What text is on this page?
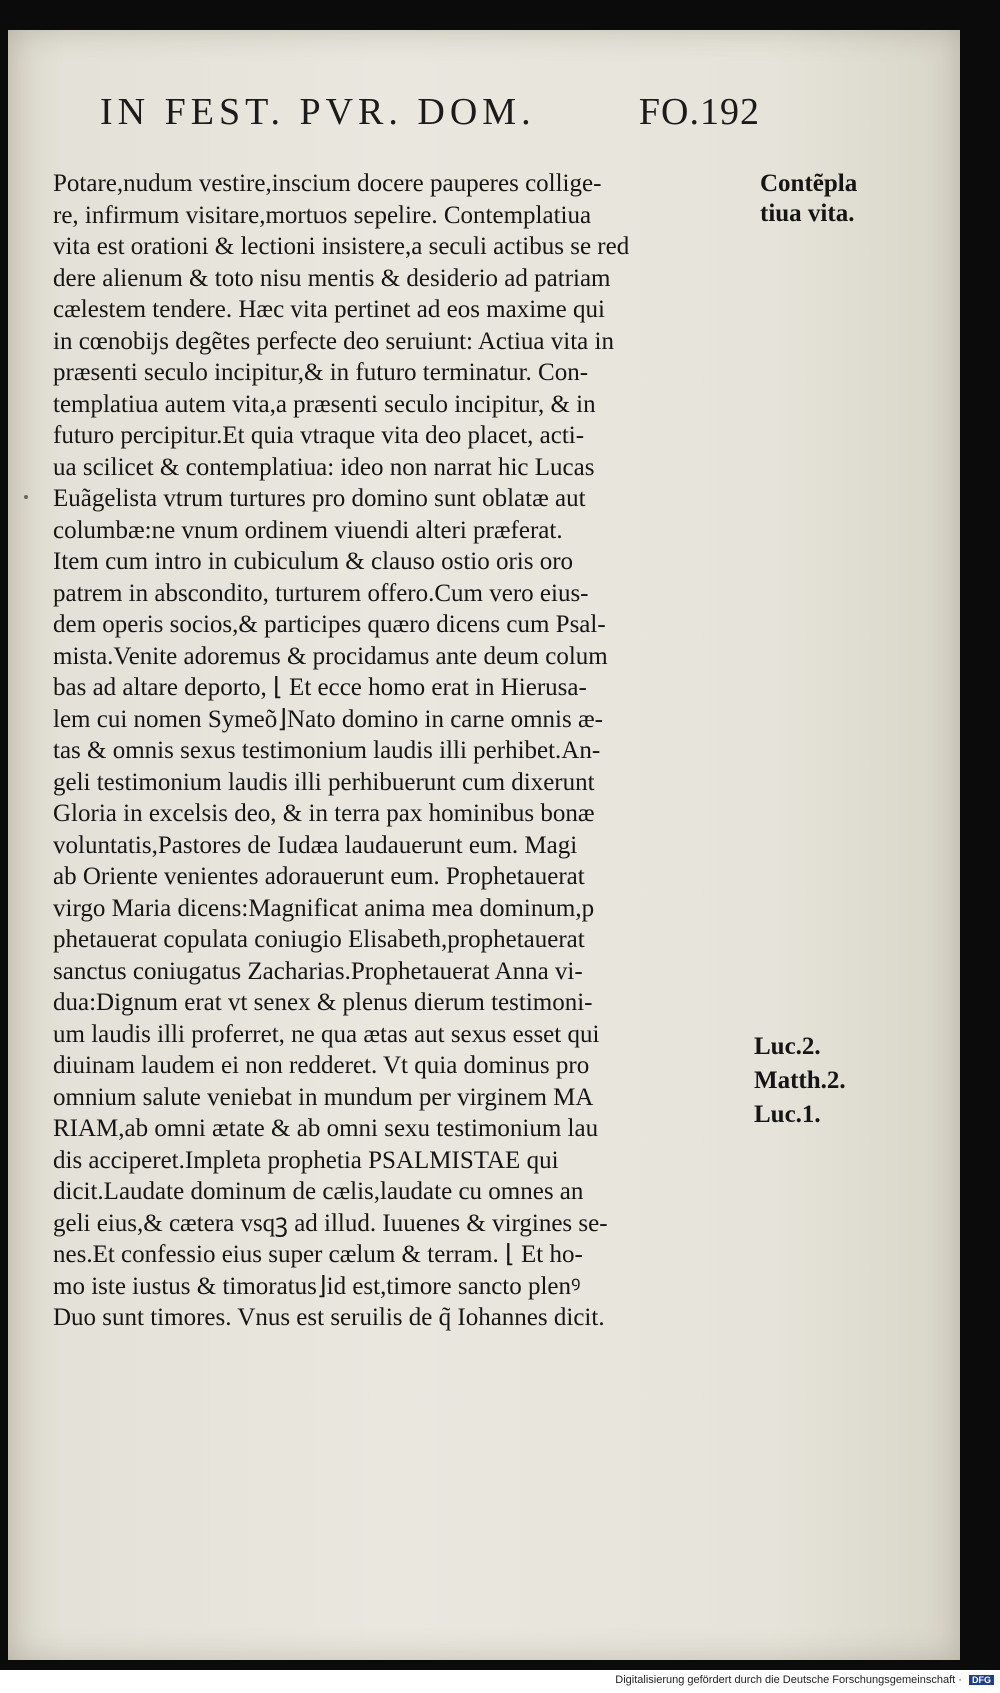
IN FEST. PVR. DOM.	FO.192
Potare,nudum vestire,inscium docere pauperes collige-
re, infirmum visitare,mortuos sepelire. Contemplatiua
vita est orationi & lectioni insistere,a seculi actibus se red
dere alienum & toto nisu mentis & desiderio ad patriam
cælestem tendere. Hæc vita pertinet ad eos maxime qui
in cœnobijs degẽtes perfecte deo seruiunt: Actiua vita in
præsenti seculo incipitur,& in futuro terminatur. Con-
templatiua autem vita,a præsenti seculo incipitur, & in
futuro percipitur.Et quia vtraque vita deo placet, acti-
ua scilicet & contemplatiua: ideo non narrat hic Lucas
Euãgelista vtrum turtures pro domino sunt oblatæ aut
columbæ:ne vnum ordinem viuendi alteri præferat.
Item cum intro in cubiculum & clauso ostio oris oro
patrem in abscondito, turturem offero.Cum vero eius-
dem operis socios,& participes quæro dicens cum Psal-
mista.Venite adoremus & procidamus ante deum colum
bas ad altare deporto, ⌊ Et ecce homo erat in Hierusa-
lem cui nomen Symeõ⌋Nato domino in carne omnis æ-
tas & omnis sexus testimonium laudis illi perhibet.An-
geli testimonium laudis illi perhibuerunt cum dixerunt
Gloria in excelsis deo, & in terra pax hominibus bonæ
voluntatis,Pastores de Iudæa laudauerunt eum. Magi
ab Oriente venientes adorauerunt eum. Prophetauerat
virgo Maria dicens:Magnificat anima mea dominum,p
phetauerat copulata coniugio Elisabeth,prophetauerat
sanctus coniugatus Zacharias.Prophetauerat Anna vi-
dua:Dignum erat vt senex & plenus dierum testimoni-
um laudis illi proferret, ne qua ætas aut sexus esset qui
diuinam laudem ei non redderet. Vt quia dominus pro
omnium salute veniebat in mundum per virginem MA
RIAM,ab omni ætate & ab omni sexu testimonium lau
dis acciperet.Impleta prophetia PSALMISTAE qui
dicit.Laudate dominum de cælis,laudate cu omnes an
geli eius,& cætera vsqꝫ ad illud. Iuuenes & virgines se-
nes.Et confessio eius super cælum & terram. ⌊ Et ho-
mo iste iustus & timoratus⌋id est,timore sancto plenꝰ
Duo sunt timores. Vnus est seruilis de q̃ Iohannes dicit.
Contẽpla
tiua vita.
Luc.2.
Matth.2.
Luc.1.
Digitalisierung gefördert durch die Deutsche Forschungsgemeinschaft · DFG
